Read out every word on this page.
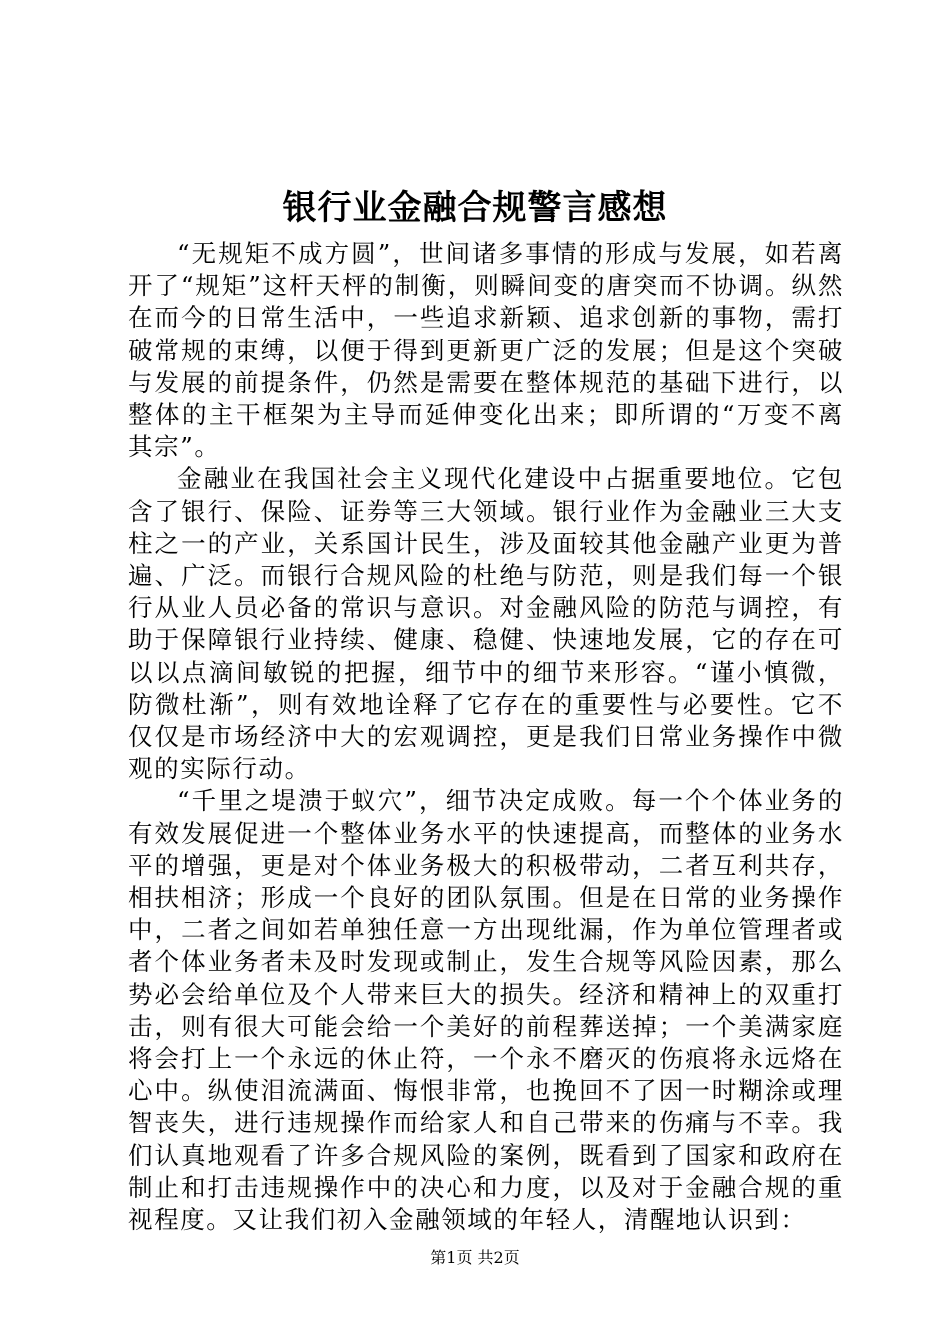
银行业金融合规警言感想

“无规矩不成方圆”，世间诸多事情的形成与发展，如若离开了“规矩”这杆天枰的制衡，则瞬间变的唐突而不协调。纵然在而今的日常生活中，一些追求新颖、追求创新的事物，需打破常规的束缚，以便于得到更新更广泛的发展；但是这个突破与发展的前提条件，仍然是需要在整体规范的基础下进行，以整体的主干框架为主导而延伸变化出来；即所谓的“万变不离其宗”。

金融业在我国社会主义现代化建设中占据重要地位。它包含了银行、保险、证券等三大领域。银行业作为金融业三大支柱之一的产业，关系国计民生，涉及面较其他金融产业更为普遍、广泛。而银行合规风险的杜绝与防范，则是我们每一个银行从业人员必备的常识与意识。对金融风险的防范与调控，有助于保障银行业持续、健康、稳健、快速地发展，它的存在可以以点滴间敏锐的把握，细节中的细节来形容。“谨小慎微，防微杜渐”，则有效地诠释了它存在的重要性与必要性。它不仅仅是市场经济中大的宏观调控，更是我们日常业务操作中微观的实际行动。

“千里之堤溃于蚁穴”，细节决定成败。每一个个体业务的有效发展促进一个整体业务水平的快速提高，而整体的业务水平的增强，更是对个体业务极大的积极带动，二者互利共存，相扶相济；形成一个良好的团队氛围。但是在日常的业务操作中，二者之间如若单独任意一方出现纰漏，作为单位管理者或者个体业务者未及时发现或制止，发生合规等风险因素，那么势必会给单位及个人带来巨大的损失。经济和精神上的双重打击，则有很大可能会给一个美好的前程葬送掉；一个美满家庭将会打上一个永远的休止符，一个永不磨灭的伤痕将永远烙在心中。纵使泪流满面、悔恨非常，也挽回不了因一时糊涂或理智丧失，进行违规操作而给家人和自己带来的伤痛与不幸。我们认真地观看了许多合规风险的案例，既看到了国家和政府在制止和打击违规操作中的决心和力度，以及对于金融合规的重视程度。又让我们初入金融领域的年轻人，清醒地认识到：

第1页 共2页
